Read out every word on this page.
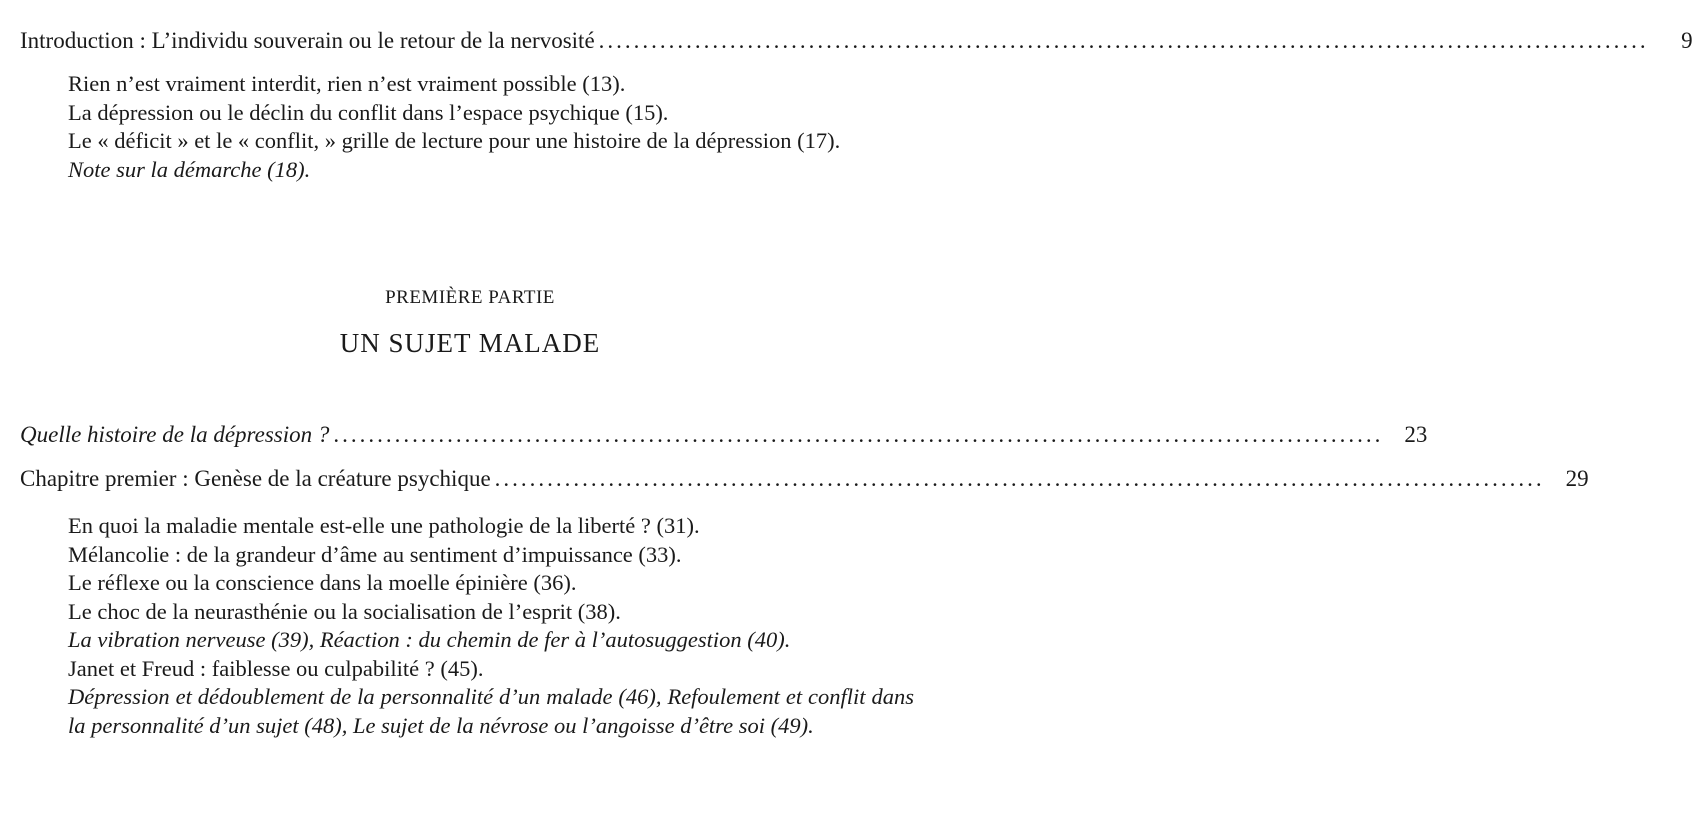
Introduction : L’individu souverain ou le retour de la nervosité ........................................................................................................................	9

Rien n’est vraiment interdit, rien n’est vraiment possible (13).

La dépression ou le déclin du conflit dans l’espace psychique (15).

Le « déficit » et le « conflit, » grille de lecture pour une histoire de la dépression (17).

Note sur la démarche (18).

PREMIÈRE PARTIE
UN SUJET MALADE
Quelle histoire de la dépression ? ........................................................................................................................ 23
Chapitre premier : Genèse de la créature psychique ........................................................................................................................ 29

En quoi la maladie mentale est-elle une pathologie de la liberté ? (31).

Mélancolie : de la grandeur d’âme au sentiment d’impuissance (33).

Le réflexe ou la conscience dans la moelle épinière (36).

Le choc de la neurasthénie ou la socialisation de l’esprit (38).

La vibration nerveuse (39), Réaction : du chemin de fer à l’autosuggestion (40).

Janet et Freud : faiblesse ou culpabilité ? (45).

Dépression et dédoublement de la personnalité d’un malade (46), Refoulement et conflit dans la personnalité d’un sujet (48), Le sujet de la névrose ou l’angoisse d’être soi (49).
